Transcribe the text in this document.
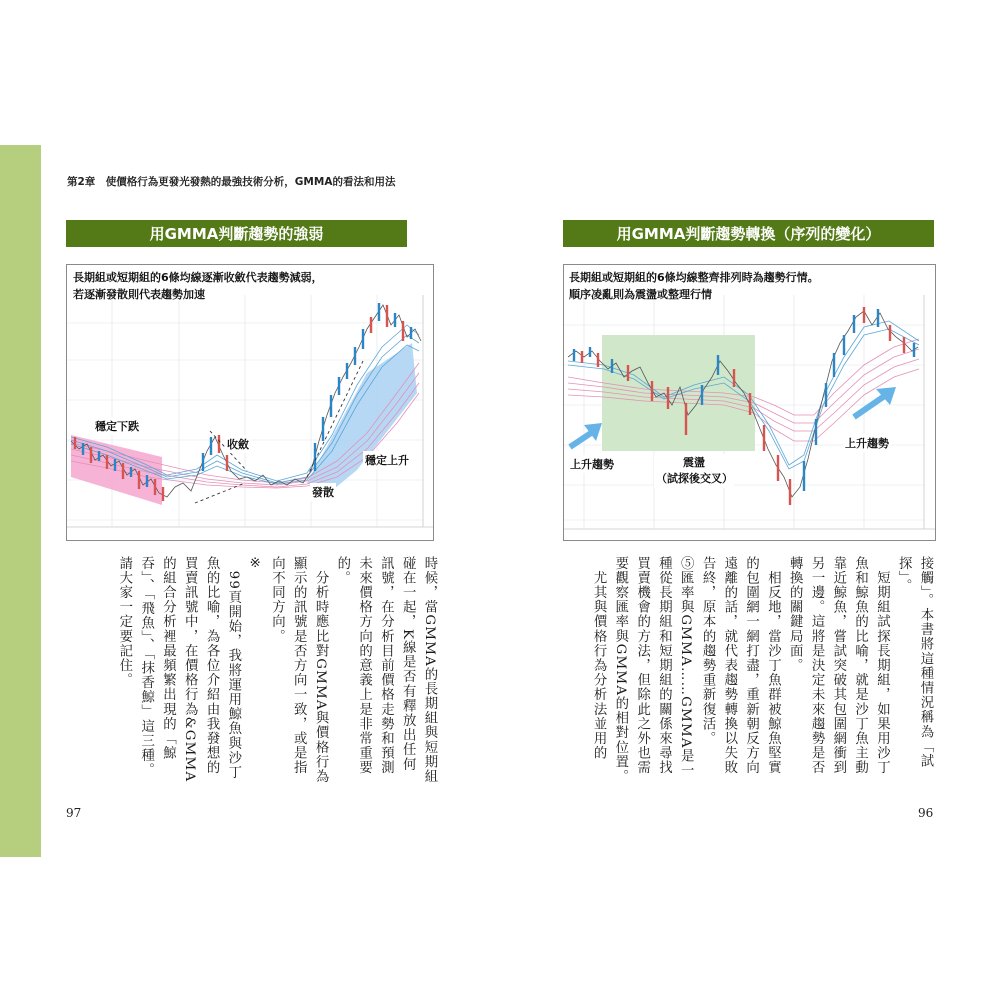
第2章　使價格行為更發光發熱的最強技術分析，GMMA的看法和用法
用GMMA判斷趨勢的強弱
長期組或短期組的6條均線逐漸收斂代表趨勢減弱，
若逐漸發散則代表趨勢加速
穩定下跌
收斂
穩定上升
發散
用GMMA判斷趨勢轉換（序列的變化）
長期組或短期組的6條均線整齊排列時為趨勢行情。
順序凌亂則為震盪或整理行情
上升趨勢	震盪
（試探後交叉）
上升趨勢

接觸」。本書將這種情況稱為「試探」。

　短期組試探長期組，如果用沙丁魚和鯨魚的比喻，就是沙丁魚主動靠近鯨魚，嘗試突破其包圍網衝到另一邊。這將是決定未來趨勢是否轉換的關鍵局面。

　相反地，當沙丁魚群被鯨魚堅實的包圍網一網打盡，重新朝反方向遠離的話，就代表趨勢轉換以失敗告終，原本的趨勢重新復活。

⑤匯率與GMMA……GMMA是一種從長期組和短期組的關係來尋找買賣機會的方法，但除此之外也需要觀察匯率與GMMA的相對位置。

　尤其與價格行為分析法並用的

時候，當GMMA的長期組與短期組碰在一起，K線是否有釋放出任何訊號，在分析目前價格走勢和預測未來價格方向的意義上是非常重要的。

　分析時應比對GMMA與價格行為顯示的訊號是否方向一致，或是指向不同方向。

※

　99頁開始，我將運用鯨魚與沙丁魚的比喻，為各位介紹由我發想的買賣訊號中，在價格行為&GMMA的組合分析裡最頻繁出現的「鯨吞」、「飛魚」、「抹香鯨」這三種。請大家一定要記住。

97	96
